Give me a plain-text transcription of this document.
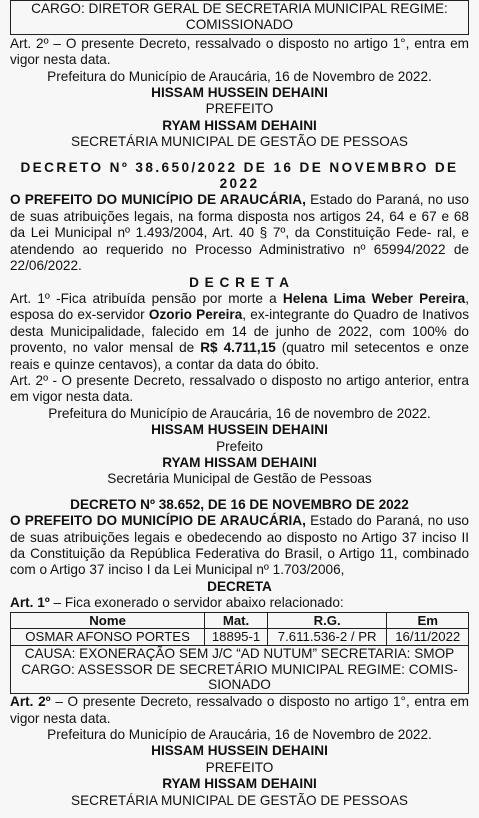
CARGO: DIRETOR GERAL DE SECRETARIA MUNICIPAL REGIME: COMISSIONADO

Art. 2º – O presente Decreto, ressalvado o disposto no artigo 1°, entra em vigor nesta data.

Prefeitura do Município de Araucária, 16 de Novembro de 2022.

HISSAM HUSSEIN DEHAINI

PREFEITO

RYAM HISSAM DEHAINI

SECRETÁRIA MUNICIPAL DE GESTÃO DE PESSOAS

DECRETO Nº 38.650/2022 DE 16 DE NOVEMBRO DE 2022

O PREFEITO DO MUNICÍPIO DE ARAUCÁRIA, Estado do Paraná, no uso de suas atribuições legais, na forma disposta nos artigos 24, 64 e 67 e 68 da Lei Municipal nº 1.493/2004, Art. 40 § 7º, da Constituição Fede- ral, e atendendo ao requerido no Processo Administrativo nº 65994/2022 de 22/06/2022.

D E C R E T A

Art. 1º -Fica atribuída pensão por morte a Helena Lima Weber Pereira, esposa do ex-servidor Ozorio Pereira, ex-integrante do Quadro de Inativos desta Municipalidade, falecido em 14 de junho de 2022, com 100% do provento, no valor mensal de R$ 4.711,15 (quatro mil setecentos e onze reais e quinze centavos), a contar da data do óbito.

Art. 2º - O presente Decreto, ressalvado o disposto no artigo anterior, entra em vigor nesta data.

Prefeitura do Município de Araucária, 16 de novembro de 2022.

HISSAM HUSSEIN DEHAINI

Prefeito

RYAM HISSAM DEHAINI

Secretária Municipal de Gestão de Pessoas

DECRETO Nº 38.652, DE 16 DE NOVEMBRO DE 2022

O PREFEITO DO MUNICÍPIO DE ARAUCÁRIA, Estado do Paraná, no uso de suas atribuições legais e obedecendo ao disposto no Artigo 37 inciso II da Constituição da República Federativa do Brasil, o Artigo 11, combinado com o Artigo 37 inciso I da Lei Municipal nº 1.703/2006,

DECRETA

Art. 1º – Fica exonerado o servidor abaixo relacionado:

Nome	Mat.	R.G.	Em
OSMAR AFONSO PORTES	18895-1	7.611.536-2 / PR	16/11/2022

CAUSA: EXONERAÇÃO SEM J/C “AD NUTUM” SECRETARIA: SMOP

CARGO: ASSESSOR DE SECRETÁRIO MUNICIPAL REGIME: COMIS- SIONADO

Art. 2º – O presente Decreto, ressalvado o disposto no artigo 1°, entra em vigor nesta data.

Prefeitura do Município de Araucária, 16 de Novembro de 2022.

HISSAM HUSSEIN DEHAINI

PREFEITO

RYAM HISSAM DEHAINI

SECRETÁRIA MUNICIPAL DE GESTÃO DE PESSOAS
